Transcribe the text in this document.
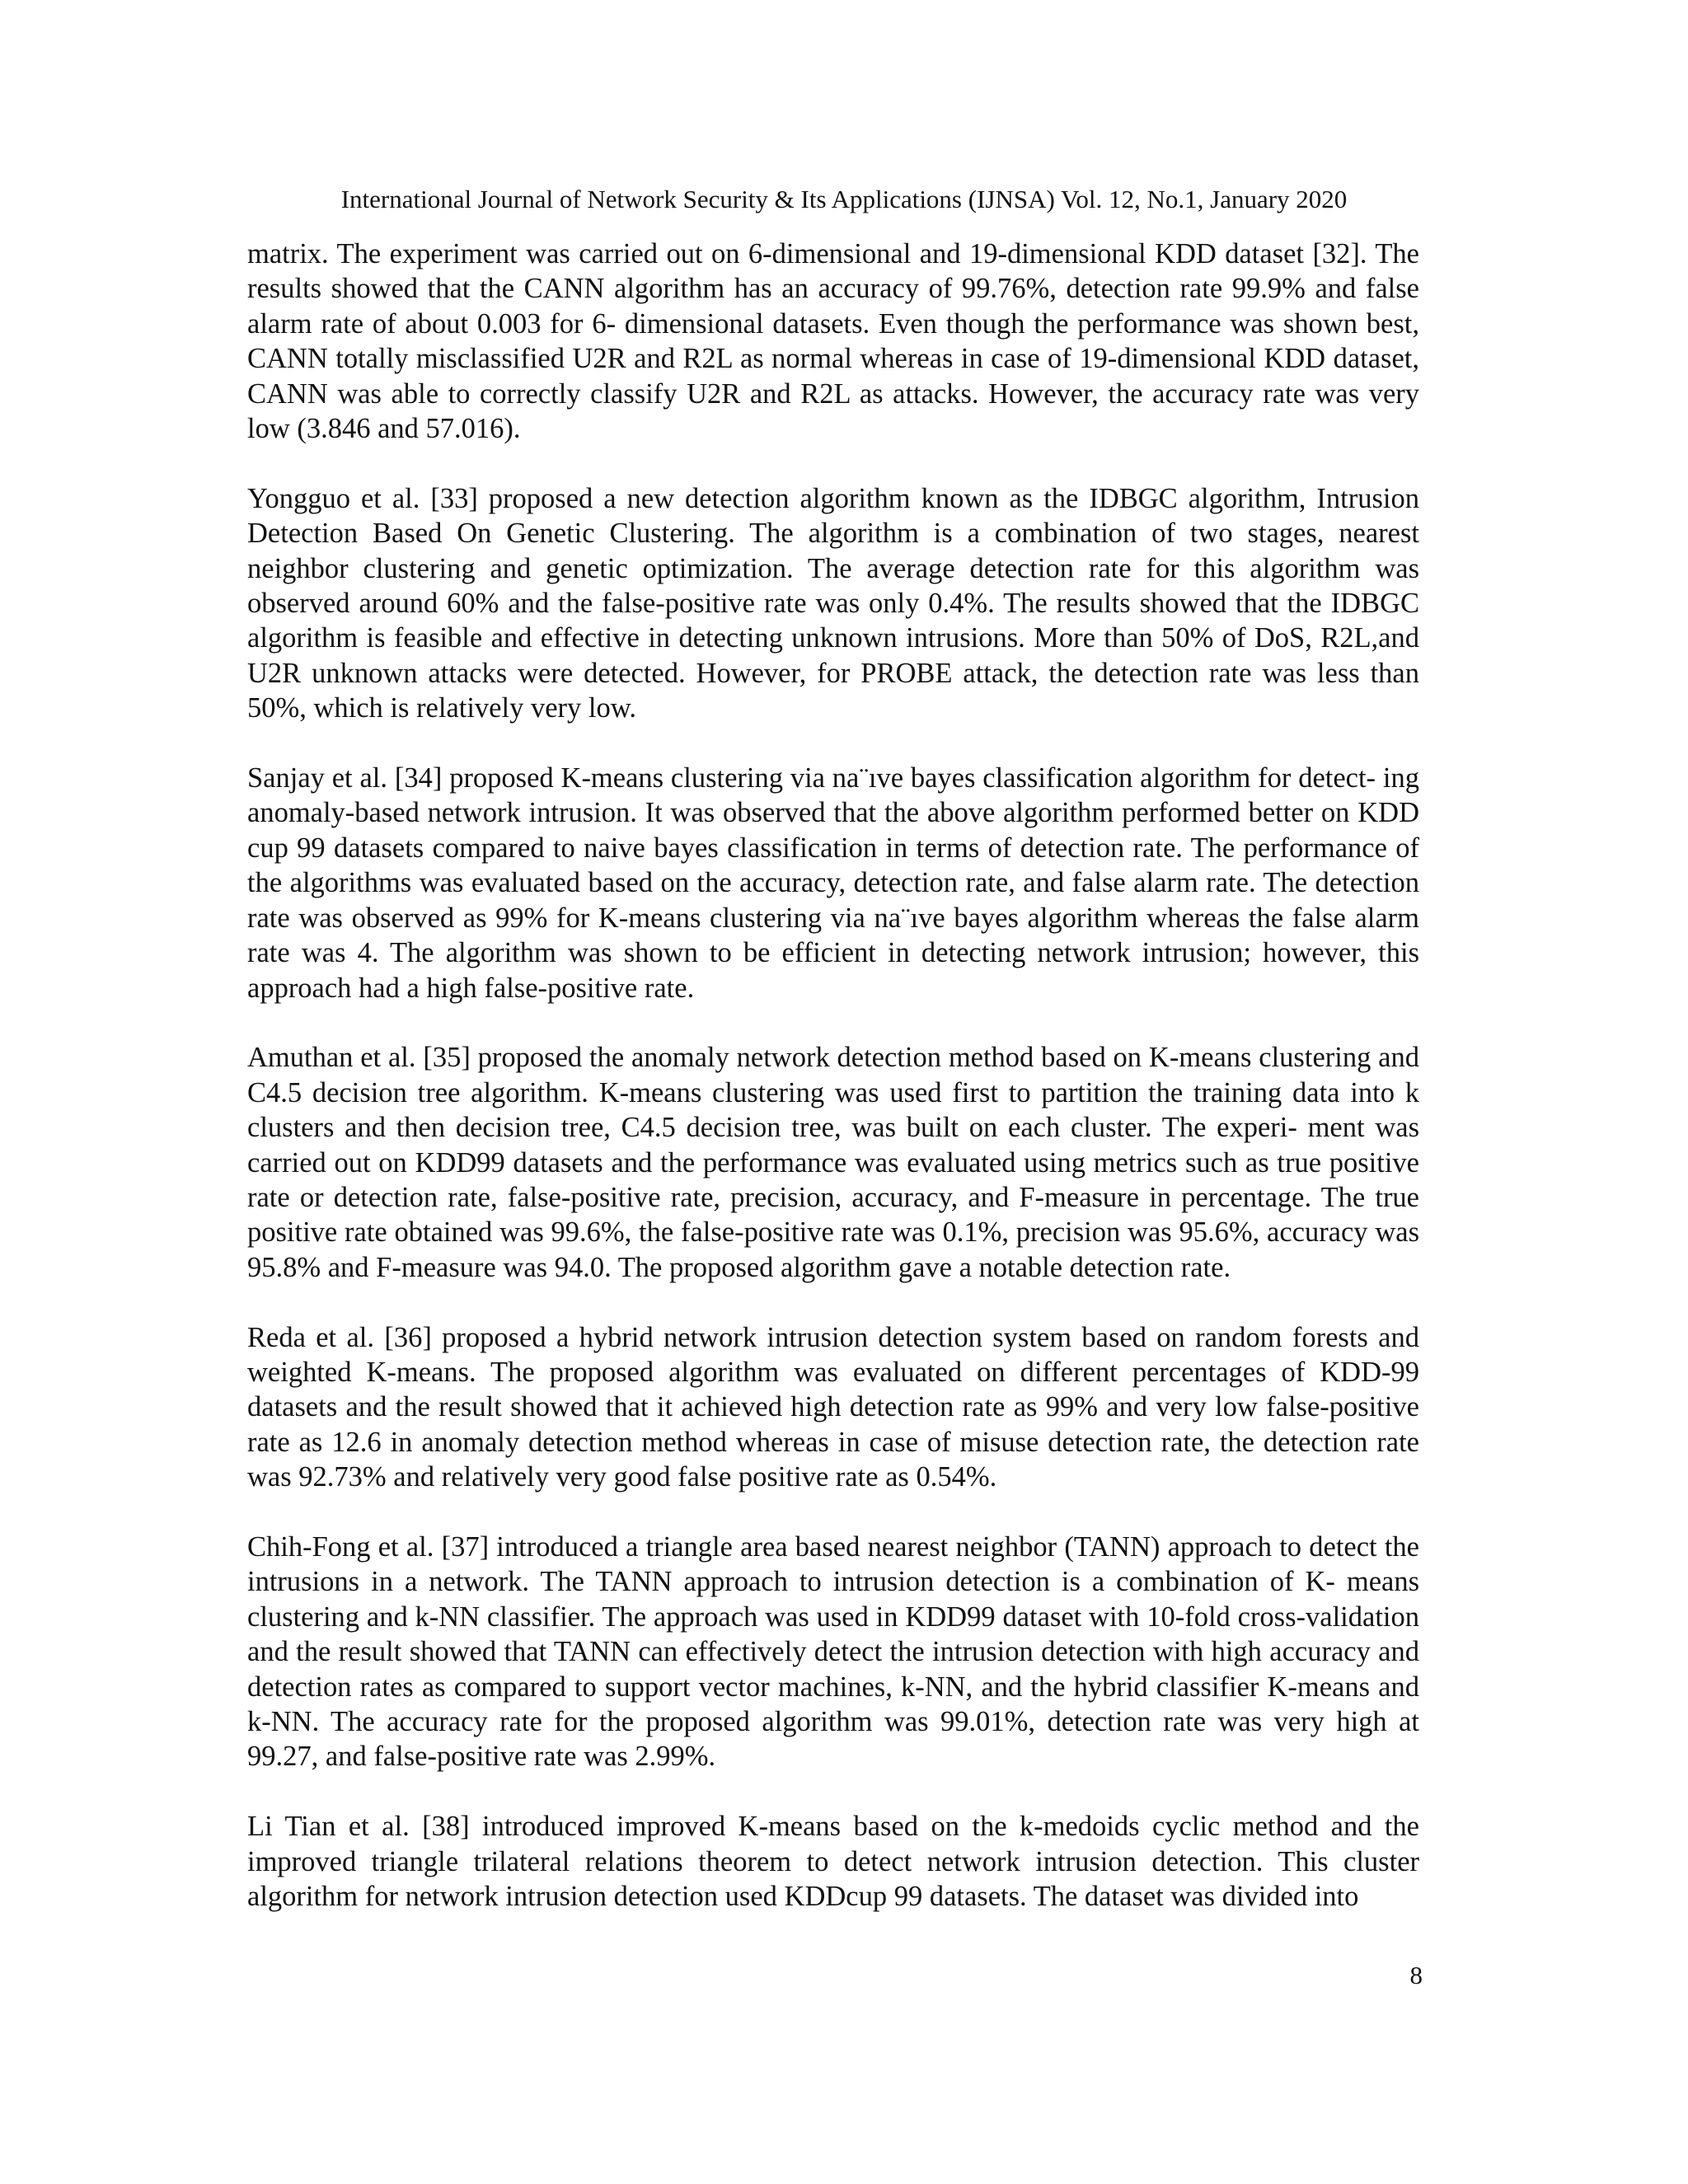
International Journal of Network Security & Its Applications (IJNSA) Vol. 12, No.1, January 2020

matrix. The experiment was carried out on 6-dimensional and 19-dimensional KDD dataset [32]. The results showed that the CANN algorithm has an accuracy of 99.76%, detection rate 99.9% and false alarm rate of about 0.003 for 6- dimensional datasets. Even though the performance was shown best, CANN totally misclassified U2R and R2L as normal whereas in case of 19-dimensional KDD dataset, CANN was able to correctly classify U2R and R2L as attacks. However, the accuracy rate was very low (3.846 and 57.016).

Yongguo et al. [33] proposed a new detection algorithm known as the IDBGC algorithm, Intrusion Detection Based On Genetic Clustering. The algorithm is a combination of two stages, nearest neighbor clustering and genetic optimization. The average detection rate for this algorithm was observed around 60% and the false-positive rate was only 0.4%. The results showed that the IDBGC algorithm is feasible and effective in detecting unknown intrusions. More than 50% of DoS, R2L,and U2R unknown attacks were detected. However, for PROBE attack, the detection rate was less than 50%, which is relatively very low.

Sanjay et al. [34] proposed K-means clustering via na¨ıve bayes classification algorithm for detect- ing anomaly-based network intrusion. It was observed that the above algorithm performed better on KDD cup 99 datasets compared to naive bayes classification in terms of detection rate. The performance of the algorithms was evaluated based on the accuracy, detection rate, and false alarm rate. The detection rate was observed as 99% for K-means clustering via na¨ıve bayes algorithm whereas the false alarm rate was 4. The algorithm was shown to be efficient in detecting network intrusion; however, this approach had a high false-positive rate.

Amuthan et al. [35] proposed the anomaly network detection method based on K-means clustering and C4.5 decision tree algorithm. K-means clustering was used first to partition the training data into k clusters and then decision tree, C4.5 decision tree, was built on each cluster. The experi- ment was carried out on KDD99 datasets and the performance was evaluated using metrics such as true positive rate or detection rate, false-positive rate, precision, accuracy, and F-measure in percentage. The true positive rate obtained was 99.6%, the false-positive rate was 0.1%, precision was 95.6%, accuracy was 95.8% and F-measure was 94.0. The proposed algorithm gave a notable detection rate.

Reda et al. [36] proposed a hybrid network intrusion detection system based on random forests and weighted K-means. The proposed algorithm was evaluated on different percentages of KDD-99 datasets and the result showed that it achieved high detection rate as 99% and very low false-positive rate as 12.6 in anomaly detection method whereas in case of misuse detection rate, the detection rate was 92.73% and relatively very good false positive rate as 0.54%.

Chih-Fong et al. [37] introduced a triangle area based nearest neighbor (TANN) approach to detect the intrusions in a network. The TANN approach to intrusion detection is a combination of K- means clustering and k-NN classifier. The approach was used in KDD99 dataset with 10-fold cross-validation and the result showed that TANN can effectively detect the intrusion detection with high accuracy and detection rates as compared to support vector machines, k-NN, and the hybrid classifier K-means and k-NN. The accuracy rate for the proposed algorithm was 99.01%, detection rate was very high at 99.27, and false-positive rate was 2.99%.

Li Tian et al. [38] introduced improved K-means based on the k-medoids cyclic method and the improved triangle trilateral relations theorem to detect network intrusion detection. This cluster algorithm for network intrusion detection used KDDcup 99 datasets. The dataset was divided into

8
